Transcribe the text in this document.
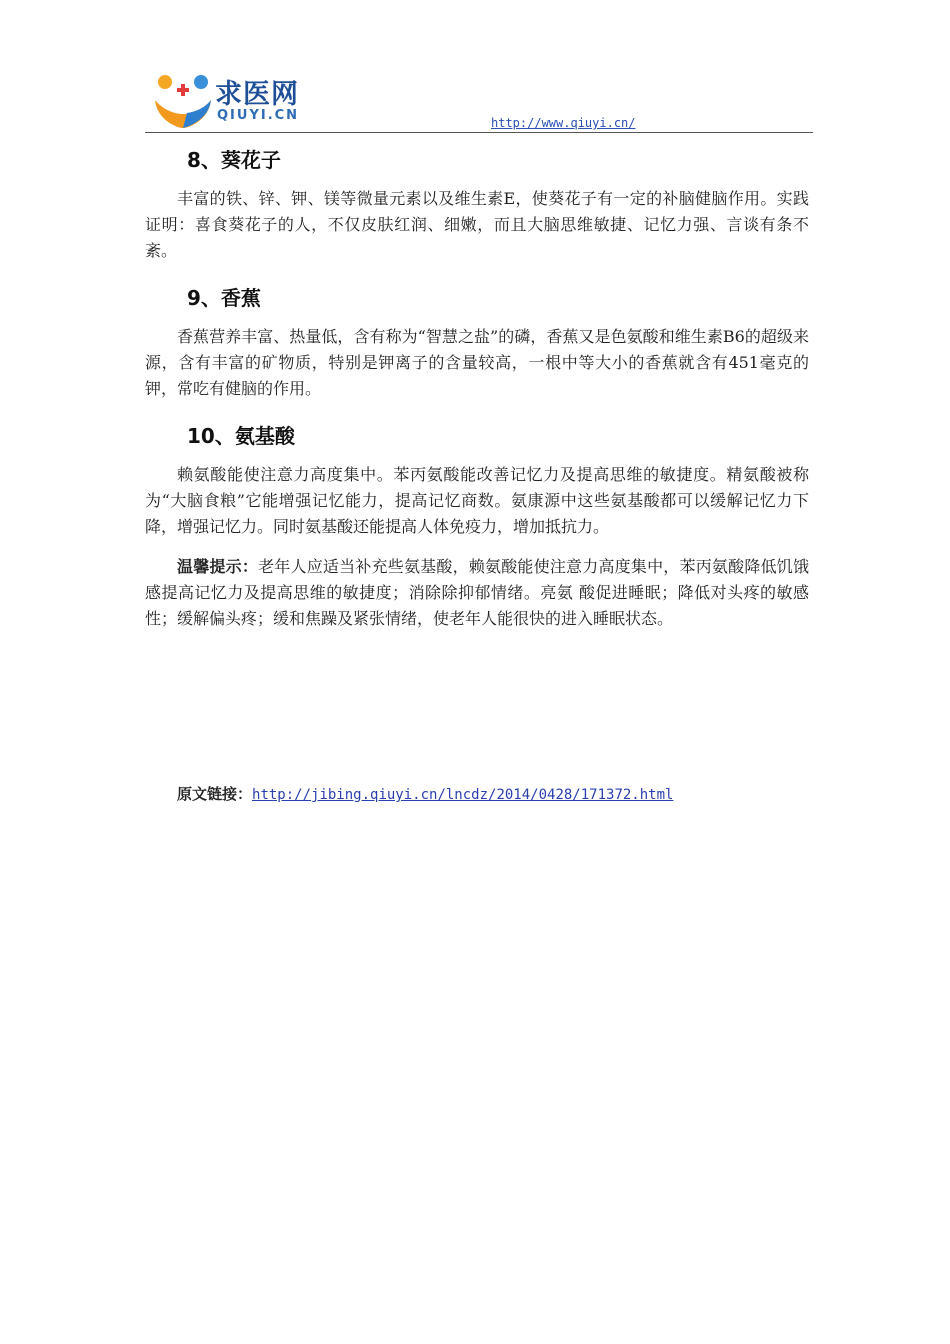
求医网
QIUYI.CN	http://www.qiuyi.cn/
8、葵花子

丰富的铁、锌、钾、镁等微量元素以及维生素E，使葵花子有一定的补脑健脑作用。实践证明：喜食葵花子的人，不仅皮肤红润、细嫩，而且大脑思维敏捷、记忆力强、言谈有条不紊。

9、香蕉

香蕉营养丰富、热量低，含有称为“智慧之盐”的磷，香蕉又是色氨酸和维生素B6的超级来源，含有丰富的矿物质，特别是钾离子的含量较高，一根中等大小的香蕉就含有451毫克的钾，常吃有健脑的作用。

10、氨基酸

赖氨酸能使注意力高度集中。苯丙氨酸能改善记忆力及提高思维的敏捷度。精氨酸被称为“大脑食粮”它能增强记忆能力，提高记忆商数。氨康源中这些氨基酸都可以缓解记忆力下降，增强记忆力。同时氨基酸还能提高人体免疫力，增加抵抗力。

温馨提示：老年人应适当补充些氨基酸，赖氨酸能使注意力高度集中，苯丙氨酸降低饥饿感提高记忆力及提高思维的敏捷度；消除除抑郁情绪。亮氨 酸促进睡眠；降低对头疼的敏感性；缓解偏头疼；缓和焦躁及紧张情绪，使老年人能很快的进入睡眠状态。

原文链接：http://jibing.qiuyi.cn/lncdz/2014/0428/171372.html
